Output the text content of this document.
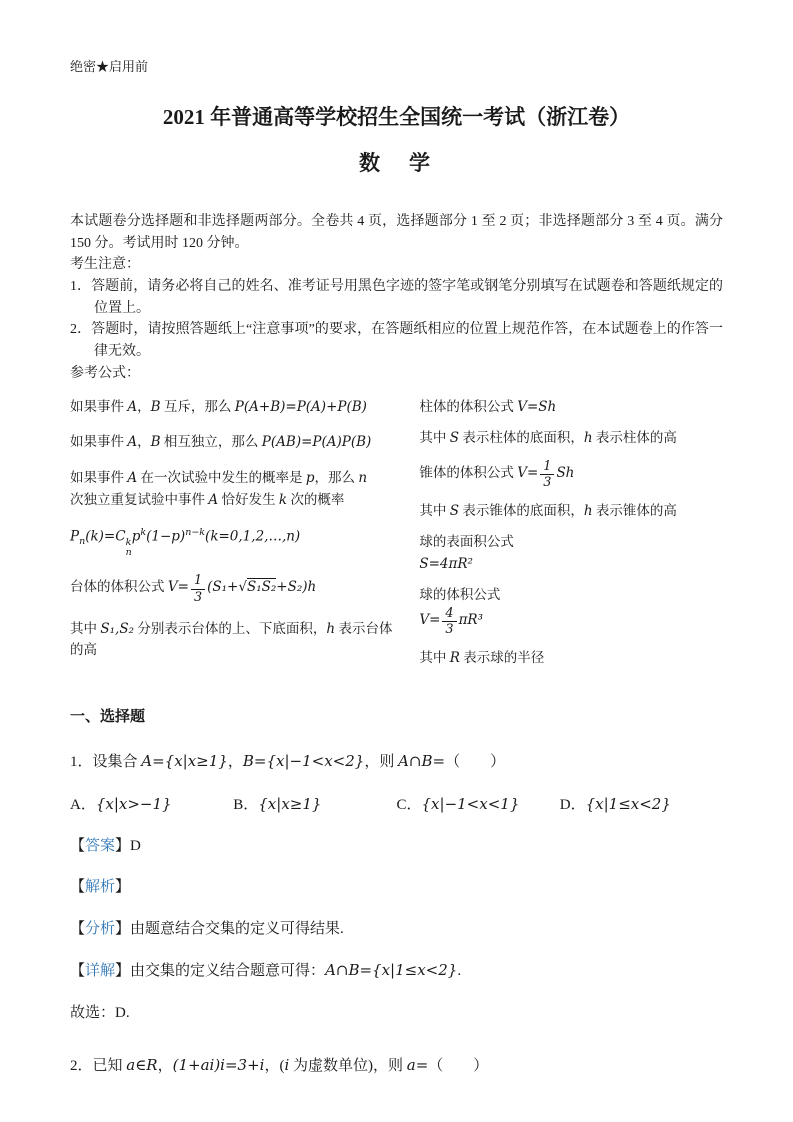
绝密★启用前
2021 年普通高等学校招生全国统一考试（浙江卷）
数　学

本试题卷分选择题和非选择题两部分。全卷共 4 页，选择题部分 1 至 2 页；非选择题部分 3 至 4 页。满分 150 分。考试用时 120 分钟。

考生注意：

1．答题前，请务必将自己的姓名、准考证号用黑色字迹的签字笔或钢笔分别填写在试题卷和答题纸规定的位置上。

2．答题时，请按照答题纸上“注意事项”的要求，在答题纸相应的位置上规范作答，在本试题卷上的作答一律无效。

参考公式：

如果事件 A，B 互斥，那么 P(A+B)=P(A)+P(B)

如果事件 A，B 相互独立，那么 P(AB)=P(A)P(B)

如果事件 A 在一次试验中发生的概率是 p，那么 n

次独立重复试验中事件 A 恰好发生 k 次的概率

$P_n(k)=C$ k
n
$p^k(1-p)^{n-k}(k=0,1,2,\dots,n)$

台体的体积公式 $V= \frac{1}{3} (S_1+√S_1S_2+S_2)h$

其中 S₁,S₂ 分别表示台体的上、下底面积，h 表示台体的高

柱体的体积公式 V=Sh

其中 S 表示柱体的底面积，h 表示柱体的高

锥体的体积公式 $V= \frac{1}{3}$ Sh

其中 S 表示锥体的底面积，h 表示锥体的高

球的表面积公式

S=4πR²

球的体积公式

$V= \frac{4}{3} \pi R^3$

其中 R 表示球的半径

一、选择题

1．设集合 A={x|x≥1}，B={x|−1<x<2}，则 A∩B=（　　）

A．{x|x>−1}	B．{x|x≥1}	C．{x|−1<x<1}	D．{x|1≤x<2}

【答案】D

【解析】

【分析】由题意结合交集的定义可得结果.

【详解】由交集的定义结合题意可得：A∩B={x|1≤x<2}.

故选：D.

2．已知 a∈R，(1+ai)i=3+i，(i 为虚数单位)，则 a=（　　）
